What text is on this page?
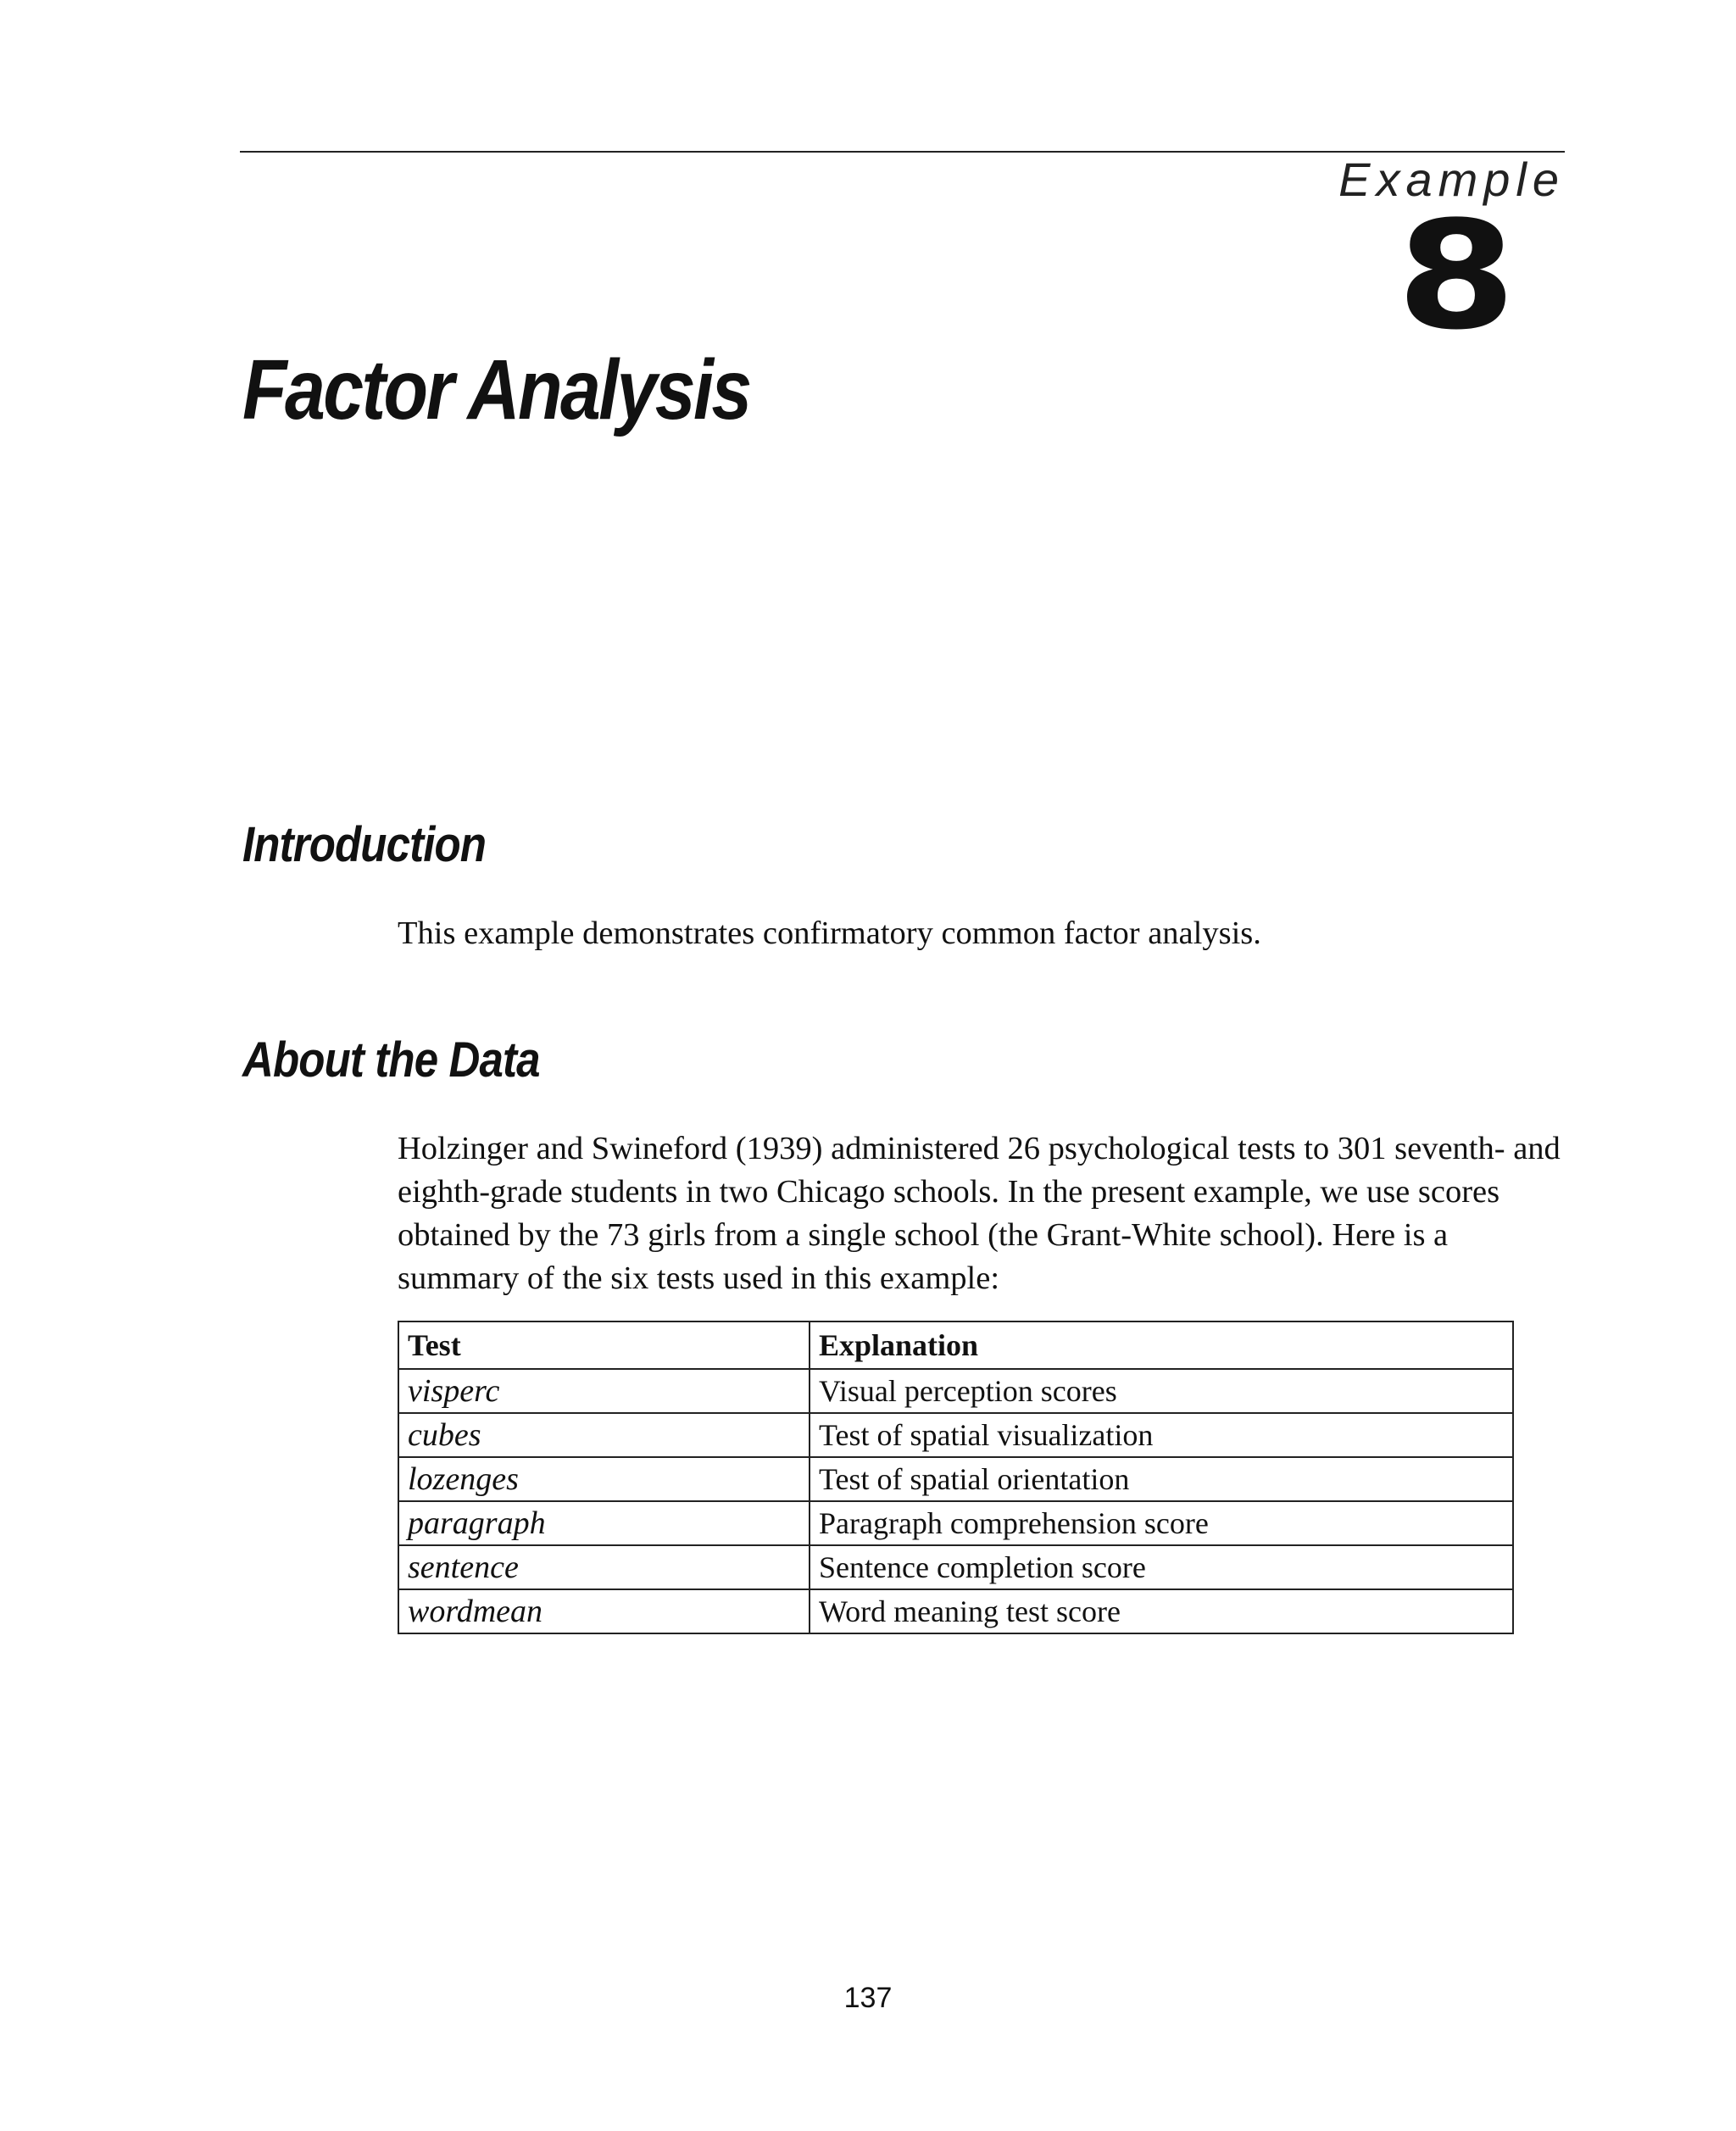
Example
8
Factor Analysis
Introduction

This example demonstrates confirmatory common factor analysis.

About the Data

Holzinger and Swineford (1939) administered 26 psychological tests to 301 seventh- and eighth-grade students in two Chicago schools. In the present example, we use scores obtained by the 73 girls from a single school (the Grant-White school). Here is a summary of the six tests used in this example:

Test	Explanation
visperc	Visual perception scores
cubes	Test of spatial visualization
lozenges	Test of spatial orientation
paragraph	Paragraph comprehension score
sentence	Sentence completion score
wordmean	Word meaning test score
137
